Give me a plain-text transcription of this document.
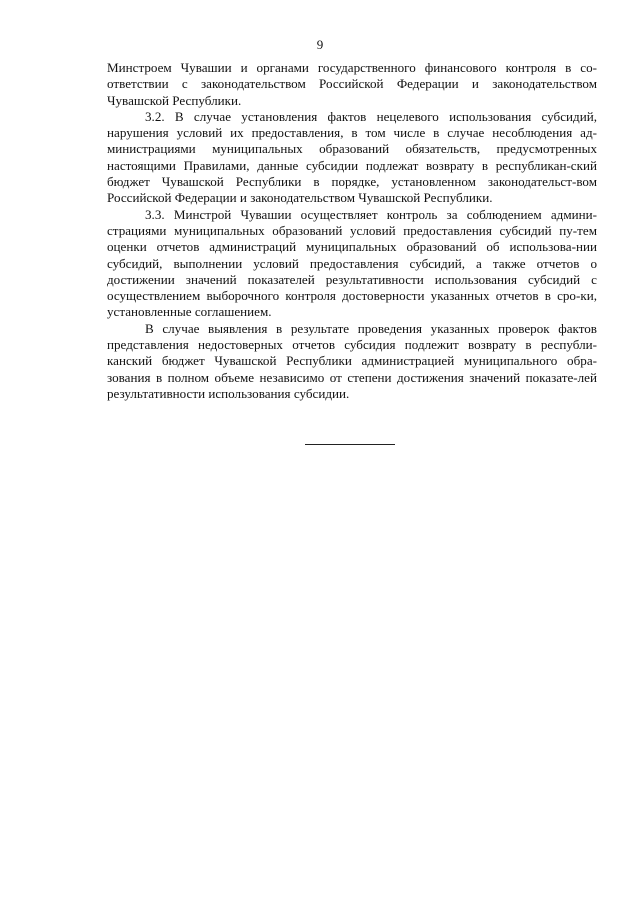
9

Минстроем Чувашии и органами государственного финансового контроля в со-ответствии с законодательством Российской Федерации и законодательством Чувашской Республики.

3.2. В случае установления фактов нецелевого использования субсидий, нарушения условий их предоставления, в том числе в случае несоблюдения ад-министрациями муниципальных образований обязательств, предусмотренных настоящими Правилами, данные субсидии подлежат возврату в республикан-ский бюджет Чувашской Республики в порядке, установленном законодательст-вом Российской Федерации и законодательством Чувашской Республики.

3.3. Минстрой Чувашии осуществляет контроль за соблюдением админи-страциями муниципальных образований условий предоставления субсидий пу-тем оценки отчетов администраций муниципальных образований об использова-нии субсидий, выполнении условий предоставления субсидий, а также отчетов о достижении значений показателей результативности использования субсидий с осуществлением выборочного контроля достоверности указанных отчетов в сро-ки, установленные соглашением.

В случае выявления в результате проведения указанных проверок фактов представления недостоверных отчетов субсидия подлежит возврату в республи-канский бюджет Чувашской Республики администрацией муниципального обра-зования в полном объеме независимо от степени достижения значений показате-лей результативности использования субсидии.
